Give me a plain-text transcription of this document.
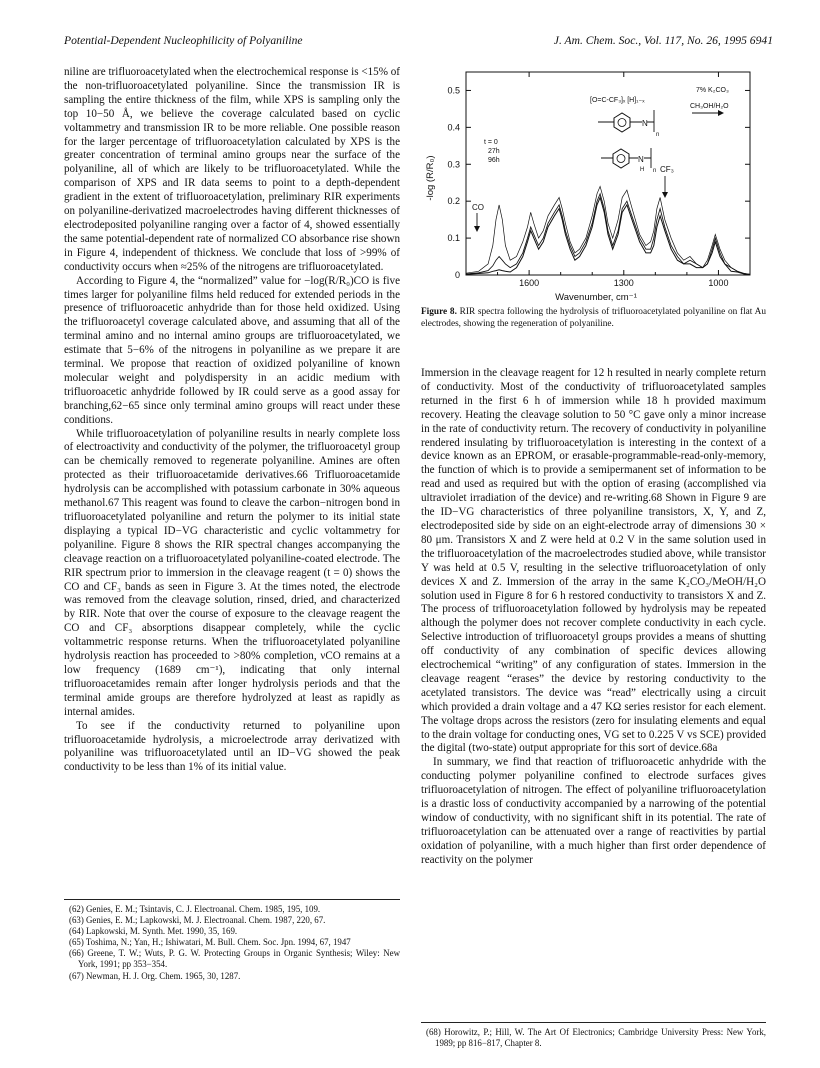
Potential-Dependent Nucleophilicity of Polyaniline	J. Am. Chem. Soc., Vol. 117, No. 26, 1995 6941

niline are trifluoroacetylated when the electrochemical response is <15% of the non-trifluoroacetylated polyaniline. Since the transmission IR is sampling the entire thickness of the film, while XPS is sampling only the top 10−50 Å, we believe the coverage calculated based on cyclic voltammetry and transmission IR to be more reliable. One possible reason for the larger percentage of trifluoroacetylation calculated by XPS is the greater concentration of terminal amino groups near the surface of the polyaniline, all of which are likely to be trifluoroacetylated. While the comparison of XPS and IR data seems to point to a depth-dependent gradient in the extent of trifluoroacetylation, preliminary RIR experiments on polyaniline-derivatized macroelectrodes having different thicknesses of electrodeposited polyaniline ranging over a factor of 4, showed essentially the same potential-dependent rate of normalized CO absorbance rise shown in Figure 4, independent of thickness. We conclude that loss of >99% of conductivity occurs when ≈25% of the nitrogens are trifluoroacetylated.

According to Figure 4, the “normalized” value for −log(R/R₀)CO is five times larger for polyaniline films held reduced for extended periods in the presence of trifluoroacetic anhydride than for those held oxidized. Using the trifluoroacetyl coverage calculated above, and assuming that all of the terminal amino and no internal amino groups are trifluoroacetylated, we estimate that 5−6% of the nitrogens in polyaniline as we prepare it are terminal. We propose that reaction of oxidized polyaniline of known molecular weight and polydispersity in an acidic medium with trifluoroacetic anhydride followed by IR could serve as a good assay for branching,62−65 since only terminal amino groups will react under these conditions.

While trifluoroacetylation of polyaniline results in nearly complete loss of electroactivity and conductivity of the polymer, the trifluoroacetyl group can be chemically removed to regenerate polyaniline. Amines are often protected as their trifluoroacetamide derivatives.66 Trifluoroacetamide hydrolysis can be accomplished with potassium carbonate in 30% aqueous methanol.67 This reagent was found to cleave the carbon−nitrogen bond in trifluoroacetylated polyaniline and return the polymer to its initial state displaying a typical ID−VG characteristic and cyclic voltammetry for polyaniline. Figure 8 shows the RIR spectral changes accompanying the cleavage reaction on a trifluoroacetylated polyaniline-coated electrode. The RIR spectrum prior to immersion in the cleavage reagent (t = 0) shows the CO and CF₃ bands as seen in Figure 3. At the times noted, the electrode was removed from the cleavage solution, rinsed, dried, and characterized by RIR. Note that over the course of exposure to the cleavage reagent the CO and CF₃ absorptions disappear completely, while the cyclic voltammetric response returns. When the trifluoroacetylated polyaniline hydrolysis reaction has proceeded to >80% completion, νCO remains at a low frequency (1689 cm⁻¹), indicating that only internal trifluoroacetamides remain after longer hydrolysis periods and that the terminal amide groups are therefore hydrolyzed at least as rapidly as internal amides.

To see if the conductivity returned to polyaniline upon trifluoroacetamide hydrolysis, a microelectrode array derivatized with polyaniline was trifluoroacetylated until an ID−VG showed the peak conductivity to be less than 1% of its initial value.

(62) Genies, E. M.; Tsintavis, C. J. Electroanal. Chem. 1985, 195, 109.

(63) Genies, E. M.; Lapkowski, M. J. Electroanal. Chem. 1987, 220, 67.

(64) Lapkowski, M. Synth. Met. 1990, 35, 169.

(65) Toshima, N.; Yan, H.; Ishiwatari, M. Bull. Chem. Soc. Jpn. 1994, 67, 1947

(66) Greene, T. W.; Wuts, P. G. W. Protecting Groups in Organic Synthesis; Wiley: New York, 1991; pp 353−354.

(67) Newman, H. J. Org. Chem. 1965, 30, 1287.

0
0.1
0.2
0.3
0.4
0.5
1600	1300	1000
Wavenumber, cm⁻¹
-log (R/R₀)
t = 0
27h
96h
CO
CF₃
[O=C-CF₃]ₓ [H]₁₋ₓ
N
n
7% K₂CO₃
CH₃OH/H₂O
N
H n
Figure 8. RIR spectra following the hydrolysis of trifluoroacetylated polyaniline on flat Au electrodes, showing the regeneration of polyaniline.

Immersion in the cleavage reagent for 12 h resulted in nearly complete return of conductivity. Most of the conductivity of trifluoroacetylated samples returned in the first 6 h of immersion while 18 h provided maximum recovery. Heating the cleavage solution to 50 °C gave only a minor increase in the rate of conductivity return. The recovery of conductivity in polyaniline rendered insulating by trifluoroacetylation is interesting in the context of a device known as an EPROM, or erasable-programmable-read-only-memory, the function of which is to provide a semipermanent set of information to be read and used as required but with the option of erasing (accomplished via ultraviolet irradiation of the device) and re-writing.68 Shown in Figure 9 are the ID−VG characteristics of three polyaniline transistors, X, Y, and Z, electrodeposited side by side on an eight-electrode array of dimensions 30 × 80 μm. Transistors X and Z were held at 0.2 V in the same solution used in the trifluoroacetylation of the macroelectrodes studied above, while transistor Y was held at 0.5 V, resulting in the selective trifluoroacetylation of only devices X and Z. Immersion of the array in the same K₂CO₃/MeOH/H₂O solution used in Figure 8 for 6 h restored conductivity to transistors X and Z. The process of trifluoroacetylation followed by hydrolysis may be repeated although the polymer does not recover complete conductivity in each cycle. Selective introduction of trifluoroacetyl groups provides a means of shutting off conductivity of any combination of specific devices allowing electrochemical “writing” of any configuration of states. Immersion in the cleavage reagent “erases” the device by restoring conductivity to the acetylated transistors. The device was “read” electrically using a circuit which provided a drain voltage and a 47 KΩ series resistor for each element. The voltage drops across the resistors (zero for insulating elements and equal to the drain voltage for conducting ones, VG set to 0.225 V vs SCE) provided the digital (two-state) output appropriate for this sort of device.68a

In summary, we find that reaction of trifluoroacetic anhydride with the conducting polymer polyaniline confined to electrode surfaces gives trifluoroacetylation of nitrogen. The effect of polyaniline trifluoroacetylation is a drastic loss of conductivity accompanied by a narrowing of the potential window of conductivity, with no significant shift in its potential. The rate of trifluoroacetylation can be attenuated over a range of reactivities by partial oxidation of polyaniline, with a much higher than first order dependence of reactivity on the polymer

(68) Horowitz, P.; Hill, W. The Art Of Electronics; Cambridge University Press: New York, 1989; pp 816−817, Chapter 8.
